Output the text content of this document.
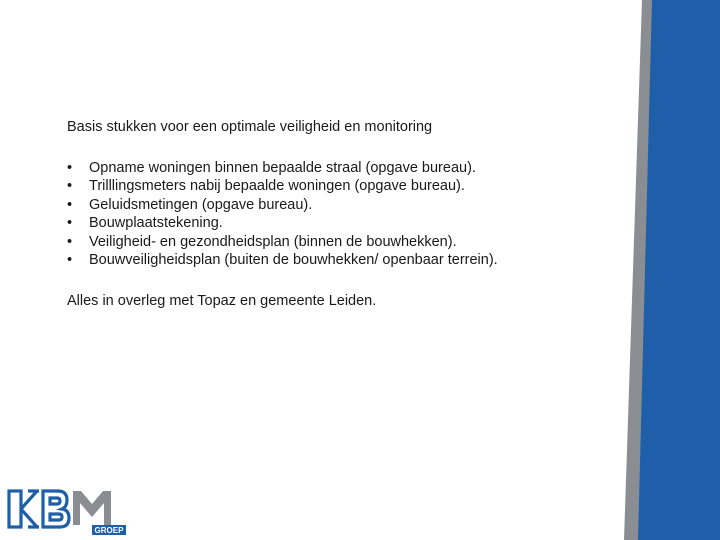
Basis stukken voor een optimale veiligheid en monitoring

• Opname woningen binnen bepaalde straal (opgave bureau).
• Trilllingsmeters nabij bepaalde woningen (opgave bureau).
• Geluidsmetingen (opgave bureau).
• Bouwplaatstekening.
• Veiligheid- en gezondheidsplan (binnen de bouwhekken).
• Bouwveiligheidsplan (buiten de bouwhekken/ openbaar terrein).

Alles in overleg met Topaz en gemeente Leiden.

GROEP
